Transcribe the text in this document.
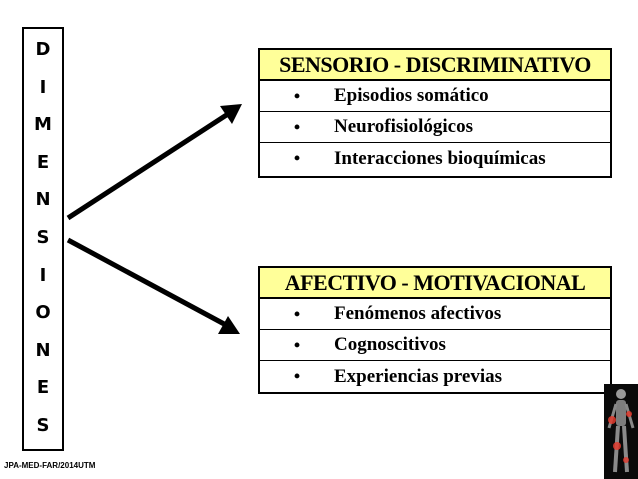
D
I
M
E
N
S
I
O
N
E
S
SENSORIO - DISCRIMINATIVO
•	Episodios somático
•	Neurofisiológicos
•	Interacciones bioquímicas
AFECTIVO - MOTIVACIONAL
•	Fenómenos afectivos
•	Cognoscitivos
•	Experiencias previas
JPA-MED-FAR/2014UTM
